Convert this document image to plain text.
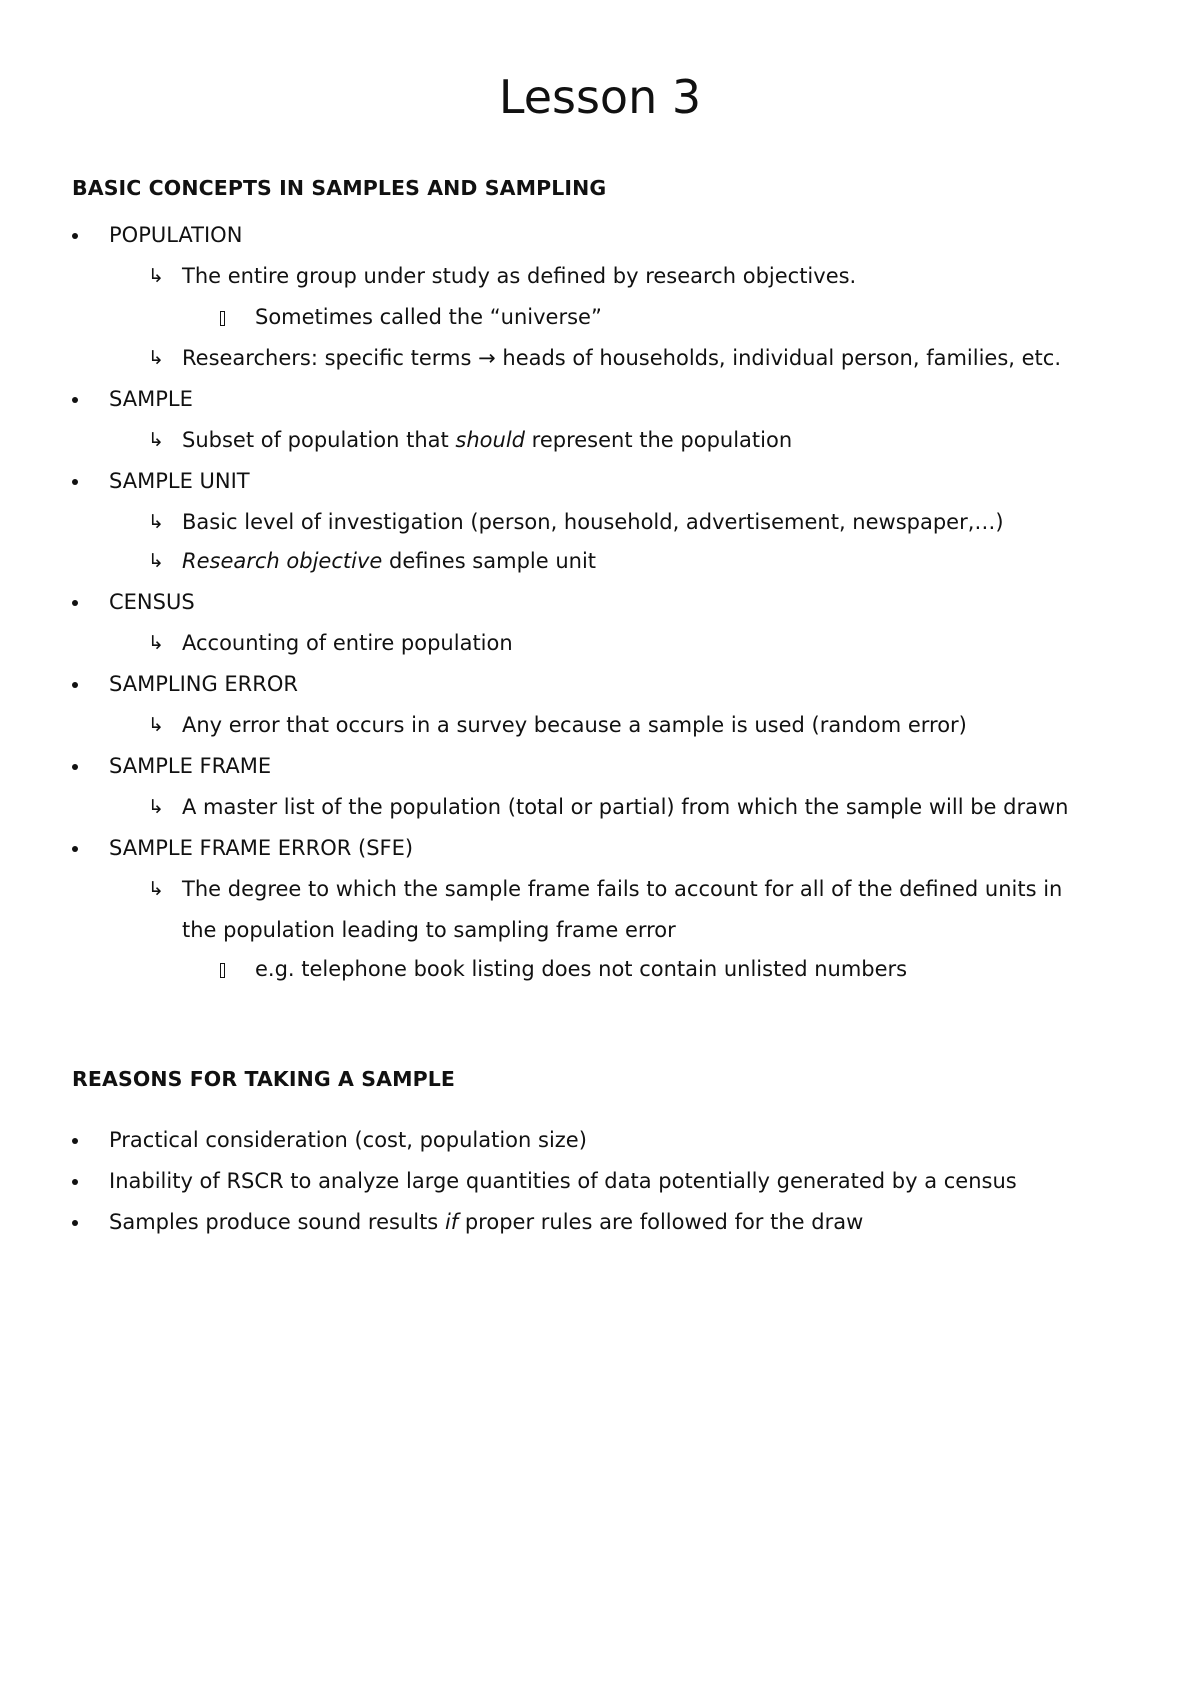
Lesson 3
BASIC CONCEPTS IN SAMPLES AND SAMPLING
POPULATION
↳ The entire group under study as defined by research objectives.
Sometimes called the “universe”
↳ Researchers: specific terms → heads of households, individual person, families, etc.
SAMPLE
↳ Subset of population that should represent the population
SAMPLE UNIT
↳ Basic level of investigation (person, household, advertisement, newspaper,…)
↳ Research objective defines sample unit
CENSUS
↳ Accounting of entire population
SAMPLING ERROR
↳ Any error that occurs in a survey because a sample is used (random error)
SAMPLE FRAME
↳ A master list of the population (total or partial) from which the sample will be drawn
SAMPLE FRAME ERROR (SFE)
↳ The degree to which the sample frame fails to account for all of the defined units in
the population leading to sampling frame error
e.g. telephone book listing does not contain unlisted numbers
REASONS FOR TAKING A SAMPLE
Practical consideration (cost, population size)
Inability of RSCR to analyze large quantities of data potentially generated by a census
Samples produce sound results if proper rules are followed for the draw
